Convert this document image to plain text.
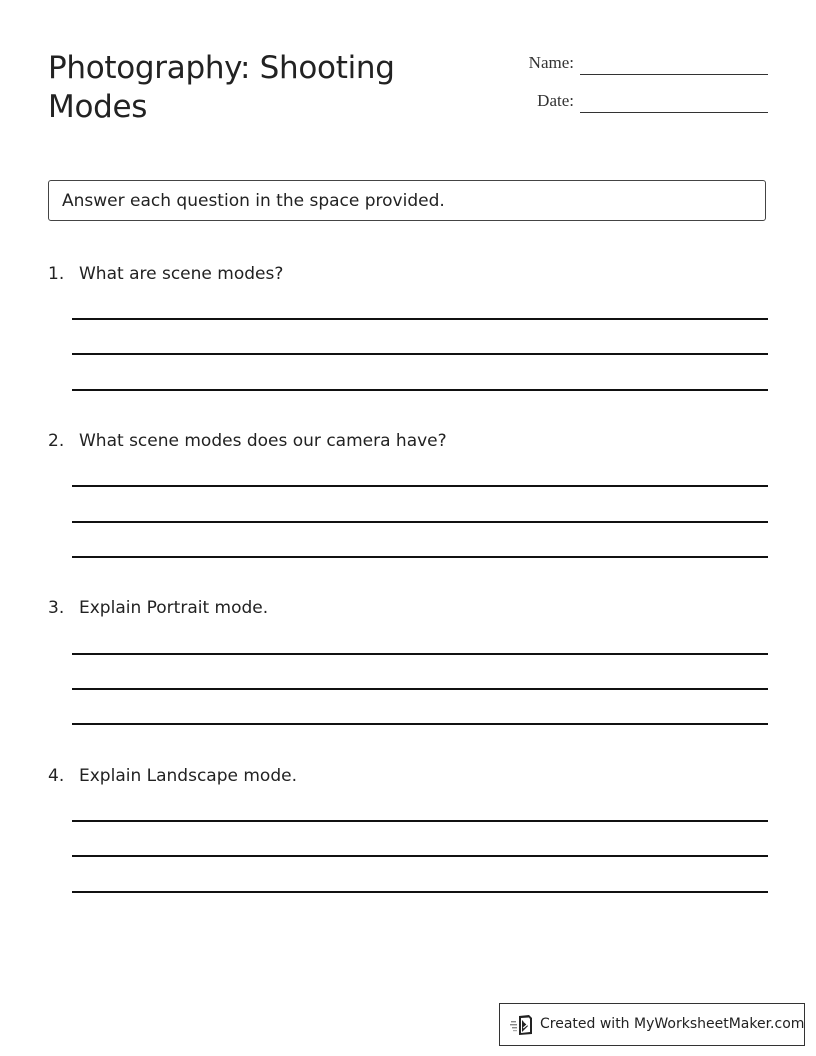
Photography: Shooting Modes
Name:
Date:
Answer each question in the space provided.
1. What are scene modes?
2. What scene modes does our camera have?
3. Explain Portrait mode.
4. Explain Landscape mode.
Created with MyWorksheetMaker.com
